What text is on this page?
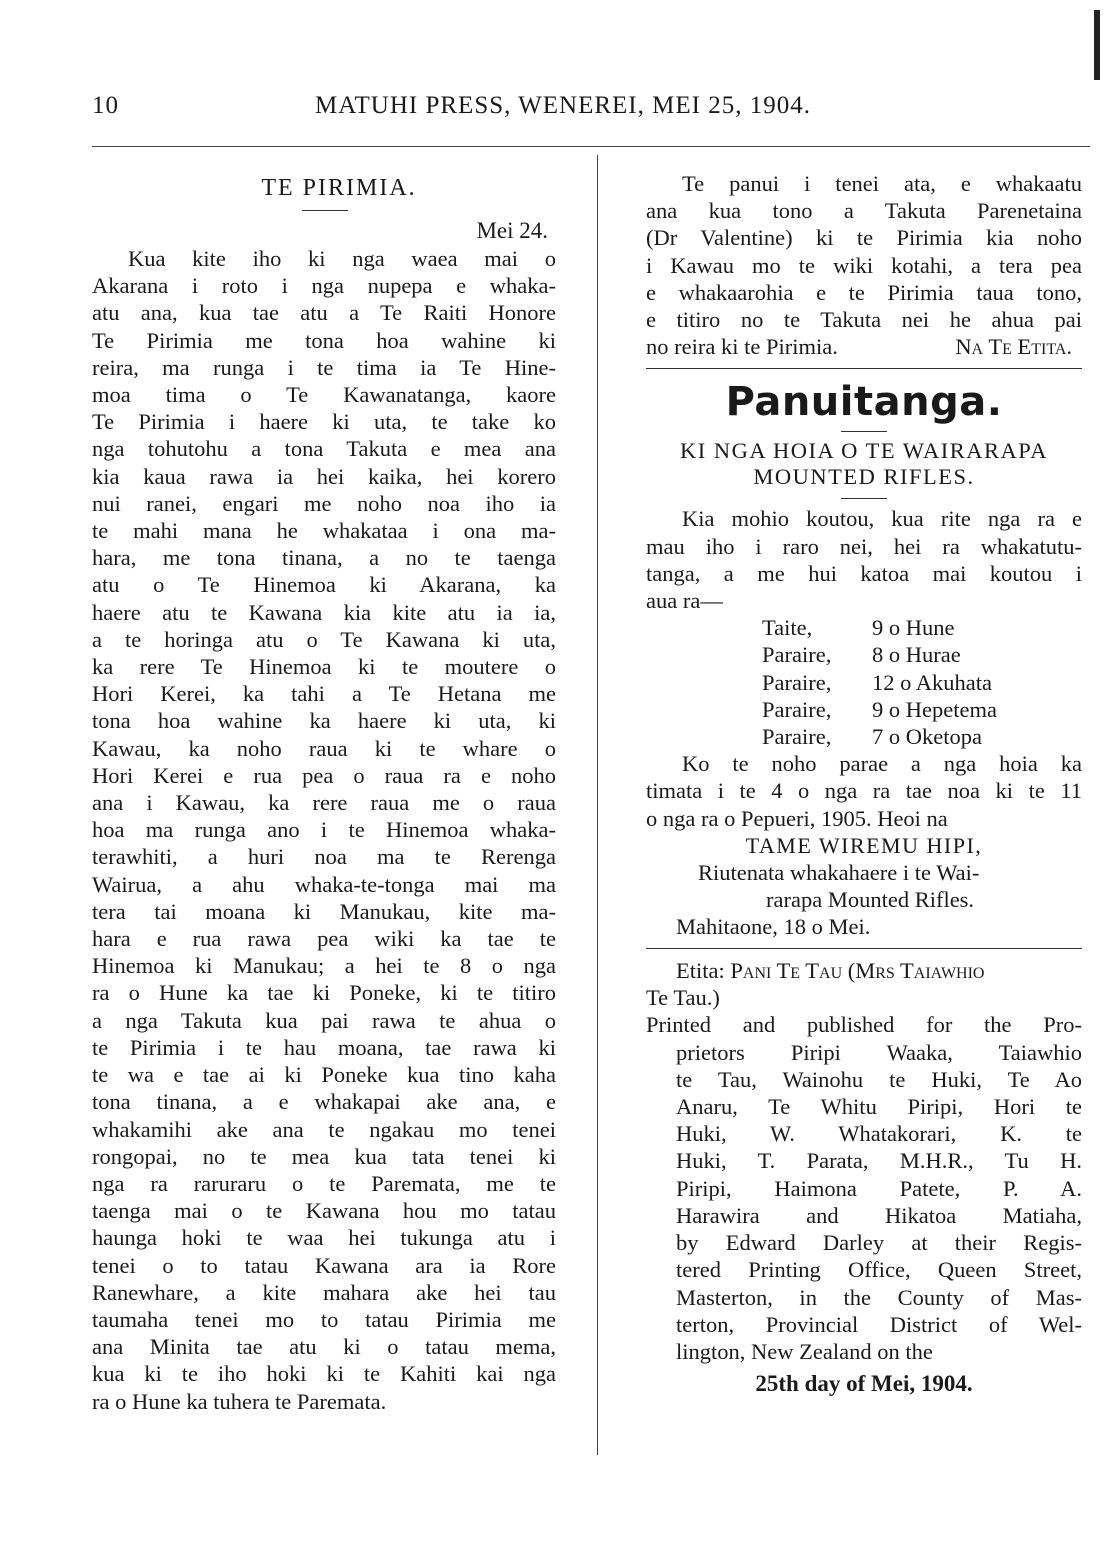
10	MATUHI PRESS, WENEREI, MEI 25, 1904.
TE PIRIMIA.
Mei 24.
Kua kite iho ki nga waea mai o
Akarana i roto i nga nupepa e whaka-
atu ana, kua tae atu a Te Raiti Honore
Te Pirimia me tona hoa wahine ki
reira, ma runga i te tima ia Te Hine-
moa tima o Te Kawanatanga, kaore
Te Pirimia i haere ki uta, te take ko
nga tohutohu a tona Takuta e mea ana
kia kaua rawa ia hei kaika, hei korero
nui ranei, engari me noho noa iho ia
te mahi mana he whakataa i ona ma-
hara, me tona tinana, a no te taenga
atu o Te Hinemoa ki Akarana, ka
haere atu te Kawana kia kite atu ia ia,
a te horinga atu o Te Kawana ki uta,
ka rere Te Hinemoa ki te moutere o
Hori Kerei, ka tahi a Te Hetana me
tona hoa wahine ka haere ki uta, ki
Kawau, ka noho raua ki te whare o
Hori Kerei e rua pea o raua ra e noho
ana i Kawau, ka rere raua me o raua
hoa ma runga ano i te Hinemoa whaka-
terawhiti, a huri noa ma te Rerenga
Wairua, a ahu whaka-te-tonga mai ma
tera tai moana ki Manukau, kite ma-
hara e rua rawa pea wiki ka tae te
Hinemoa ki Manukau; a hei te 8 o nga
ra o Hune ka tae ki Poneke, ki te titiro
a nga Takuta kua pai rawa te ahua o
te Pirimia i te hau moana, tae rawa ki
te wa e tae ai ki Poneke kua tino kaha
tona tinana, a e whakapai ake ana, e
whakamihi ake ana te ngakau mo tenei
rongopai, no te mea kua tata tenei ki
nga ra raruraru o te Paremata, me te
taenga mai o te Kawana hou mo tatau
haunga hoki te waa hei tukunga atu i
tenei o to tatau Kawana ara ia Rore
Ranewhare, a kite mahara ake hei tau
taumaha tenei mo to tatau Pirimia me
ana Minita tae atu ki o tatau mema,
kua ki te iho hoki ki te Kahiti kai nga
ra o Hune ka tuhera te Paremata.
Te panui i tenei ata, e whakaatu
ana kua tono a Takuta Parenetaina
(Dr Valentine) ki te Pirimia kia noho
i Kawau mo te wiki kotahi, a tera pea
e whakaarohia e te Pirimia taua tono,
e titiro no te Takuta nei he ahua pai
no reira ki te Pirimia.	Na Te Etita.
Panuitanga.
KI NGA HOIA O TE WAIRARAPA
MOUNTED RIFLES.
Kia mohio koutou, kua rite nga ra e
mau iho i raro nei, hei ra whakatutu-
tanga, a me hui katoa mai koutou i
aua ra—
Taite,	9 o Hune
Paraire,	8 o Hurae
Paraire,	12 o Akuhata
Paraire,	9 o Hepetema
Paraire,	7 o Oketopa
Ko te noho parae a nga hoia ka
timata i te 4 o nga ra tae noa ki te 11
o nga ra o Pepueri, 1905. Heoi na
TAME WIREMU HIPI,
Riutenata whakahaere i te Wai-
rarapa Mounted Rifles.
Mahitaone, 18 o Mei.
Etita: Pani Te Tau (Mrs Taiawhio
Te Tau.)
Printed and published for the Pro-
prietors Piripi Waaka, Taiawhio
te Tau, Wainohu te Huki, Te Ao
Anaru, Te Whitu Piripi, Hori te
Huki, W. Whatakorari, K. te
Huki, T. Parata, M.H.R., Tu H.
Piripi, Haimona Patete, P. A.
Harawira and Hikatoa Matiaha,
by Edward Darley at their Regis-
tered Printing Office, Queen Street,
Masterton, in the County of Mas-
terton, Provincial District of Wel-
lington, New Zealand on the
25th day of Mei, 1904.
